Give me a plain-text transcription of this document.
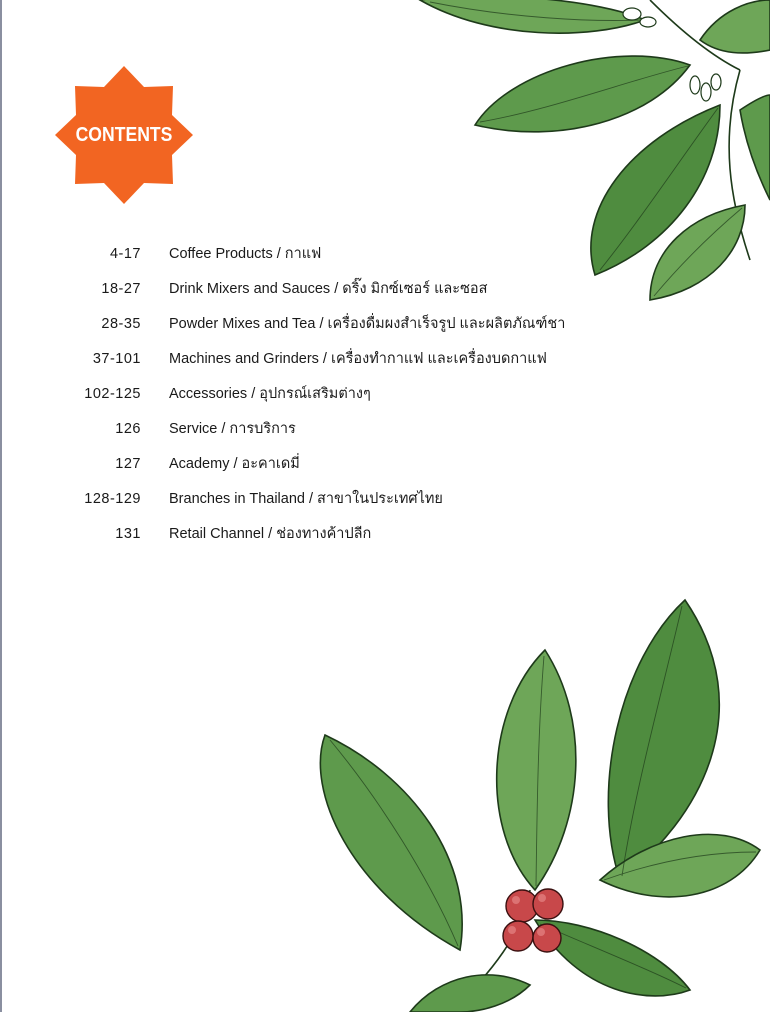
CONTENTS
4-17 Coffee Products / กาแฟ
18-27 Drink Mixers and Sauces / ดริ๊ง มิกซ์เซอร์ และซอส
28-35 Powder Mixes and Tea / เครื่องดื่มผงสำเร็จรูป และผลิตภัณฑ์ชา
37-101 Machines and Grinders / เครื่องทำกาแฟ และเครื่องบดกาแฟ
102-125 Accessories / อุปกรณ์เสริมต่างๆ
126 Service / การบริการ
127 Academy / อะคาเดมี่
128-129 Branches in Thailand / สาขาในประเทศไทย
131 Retail Channel / ช่องทางค้าปลีก
